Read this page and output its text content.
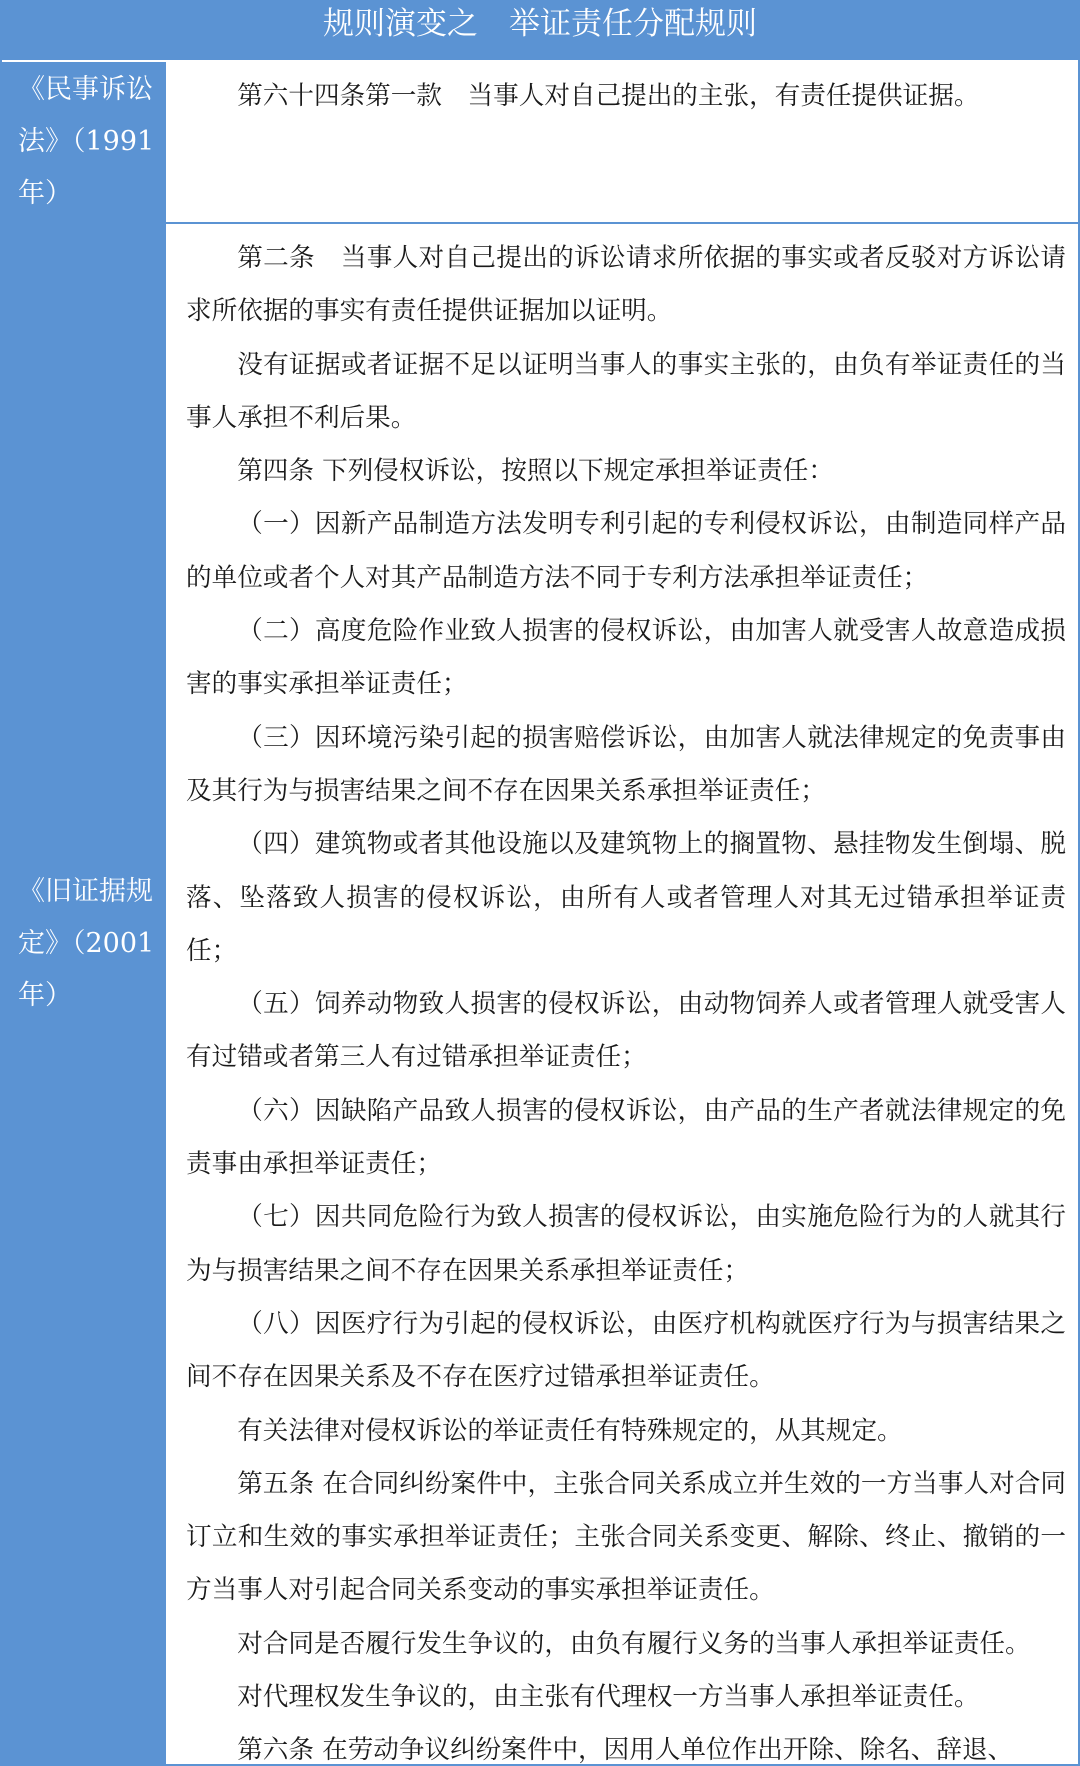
规则演变之　举证责任分配规则
《民事诉讼法》（1991年）

第六十四条第一款　当事人对自己提出的主张，有责任提供证据。

《旧证据规定》（2001年）

第二条　当事人对自己提出的诉讼请求所依据的事实或者反驳对方诉讼请求所依据的事实有责任提供证据加以证明。

没有证据或者证据不足以证明当事人的事实主张的，由负有举证责任的当事人承担不利后果。

第四条 下列侵权诉讼，按照以下规定承担举证责任：

（一）因新产品制造方法发明专利引起的专利侵权诉讼，由制造同样产品的单位或者个人对其产品制造方法不同于专利方法承担举证责任；

（二）高度危险作业致人损害的侵权诉讼，由加害人就受害人故意造成损害的事实承担举证责任；

（三）因环境污染引起的损害赔偿诉讼，由加害人就法律规定的免责事由及其行为与损害结果之间不存在因果关系承担举证责任；

（四）建筑物或者其他设施以及建筑物上的搁置物、悬挂物发生倒塌、脱落、坠落致人损害的侵权诉讼，由所有人或者管理人对其无过错承担举证责任；

（五）饲养动物致人损害的侵权诉讼，由动物饲养人或者管理人就受害人有过错或者第三人有过错承担举证责任；

（六）因缺陷产品致人损害的侵权诉讼，由产品的生产者就法律规定的免责事由承担举证责任；

（七）因共同危险行为致人损害的侵权诉讼，由实施危险行为的人就其行为与损害结果之间不存在因果关系承担举证责任；

（八）因医疗行为引起的侵权诉讼，由医疗机构就医疗行为与损害结果之间不存在因果关系及不存在医疗过错承担举证责任。

有关法律对侵权诉讼的举证责任有特殊规定的，从其规定。

第五条 在合同纠纷案件中，主张合同关系成立并生效的一方当事人对合同订立和生效的事实承担举证责任；主张合同关系变更、解除、终止、撤销的一方当事人对引起合同关系变动的事实承担举证责任。

对合同是否履行发生争议的，由负有履行义务的当事人承担举证责任。

对代理权发生争议的，由主张有代理权一方当事人承担举证责任。

第六条 在劳动争议纠纷案件中，因用人单位作出开除、除名、辞退、
